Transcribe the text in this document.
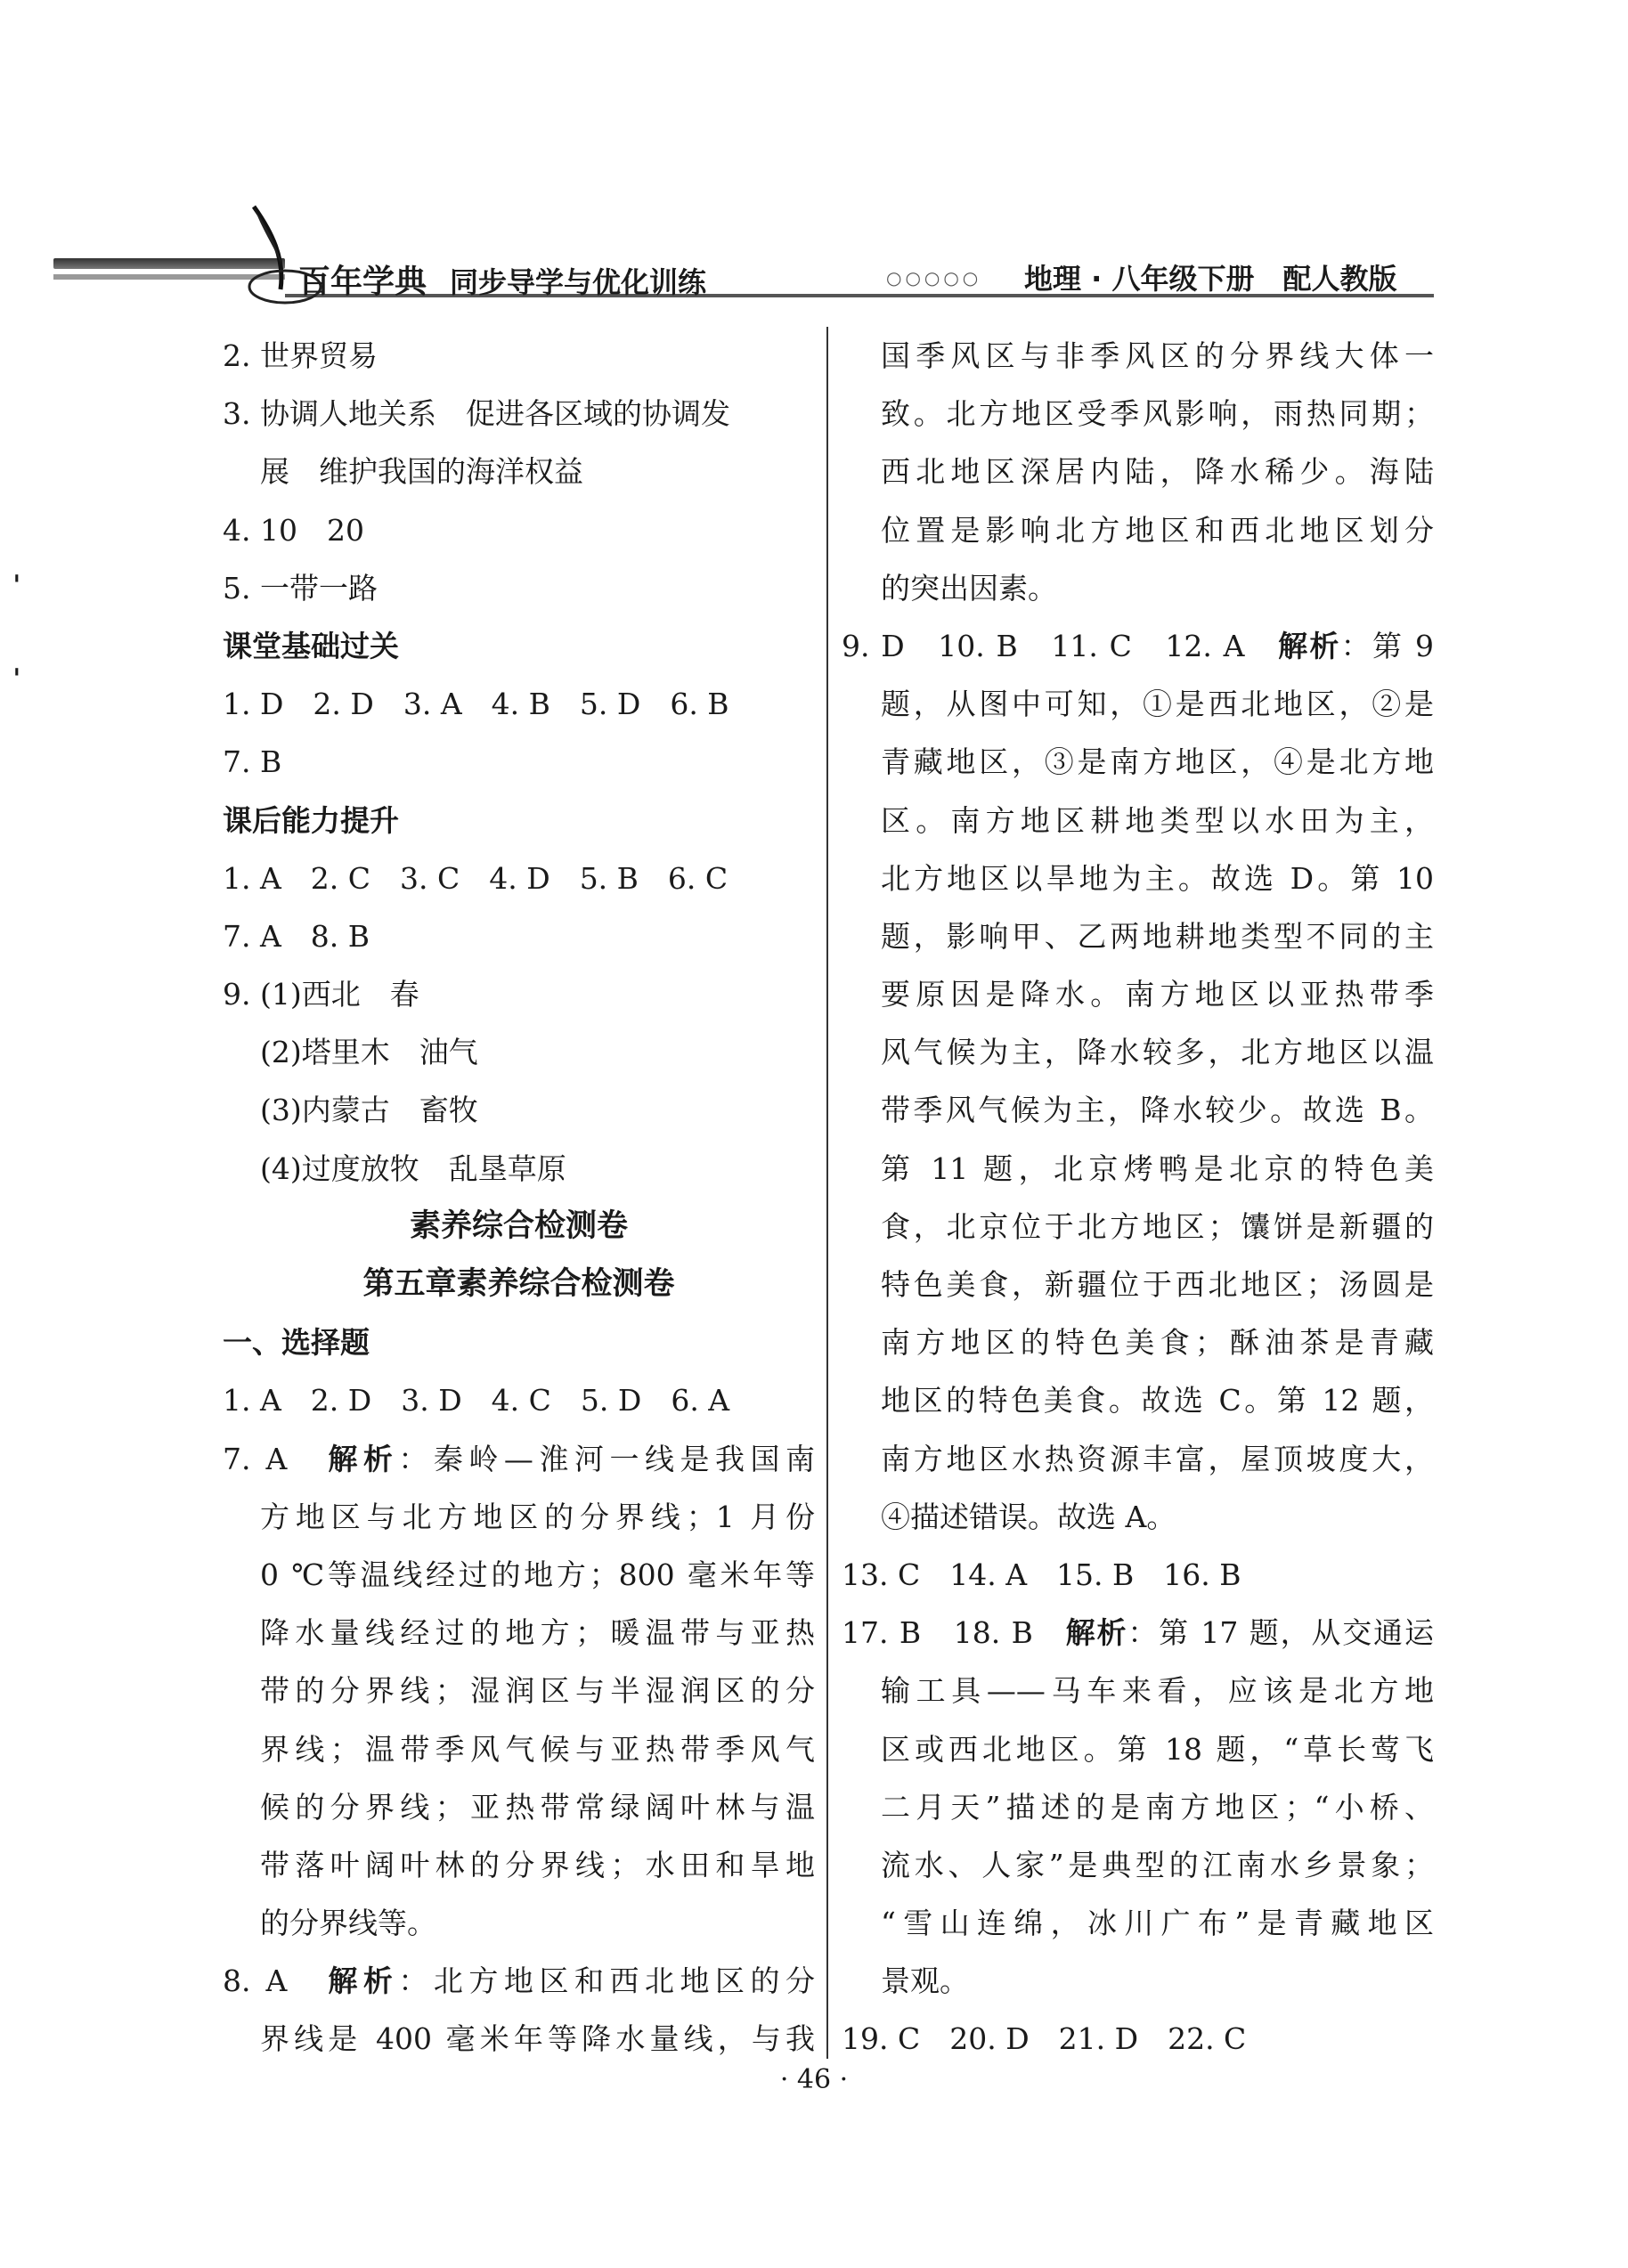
百年学典 同步导学与优化训练	○○○○○ 地理 · 八年级下册　配人教版
ˈ
ˈ
2. 世界贸易
3. 协调人地关系　促进各区域的协调发
展　维护我国的海洋权益
4. 10　20
5. 一带一路
课堂基础过关
1. D　2. D　3. A　4. B　5. D　6. B
7. B
课后能力提升
1. A　2. C　3. C　4. D　5. B　6. C
7. A　8. B
9. (1)西北　春
(2)塔里木　油气
(3)内蒙古　畜牧
(4)过度放牧　乱垦草原
素养综合检测卷
第五章素养综合检测卷
一、选择题
1. A　2. D　3. D　4. C　5. D　6. A
7. A　 解析：秦岭—淮河一线是我国南
方地区与北方地区的分界线；1 月份
0 ℃等温线经过的地方；800 毫米年等
降水量线经过的地方；暖温带与亚热
带的分界线；湿润区与半湿润区的分
界线；温带季风气候与亚热带季风气
候的分界线；亚热带常绿阔叶林与温
带落叶阔叶林的分界线；水田和旱地
的分界线等。
8. A　 解析：北方地区和西北地区的分
界线是 400 毫米年等降水量线，与我
国季风区与非季风区的分界线大体一
致。北方地区受季风影响，雨热同期；
西北地区深居内陆，降水稀少。海陆
位置是影响北方地区和西北地区划分
的突出因素。
9. D　10. B　11. C　12. A　解析：第 9
题，从图中可知，①是西北地区，②是
青藏地区，③是南方地区，④是北方地
区。南方地区耕地类型以水田为主，
北方地区以旱地为主。故选 D。第 10
题，影响甲、乙两地耕地类型不同的主
要原因是降水。南方地区以亚热带季
风气候为主，降水较多，北方地区以温
带季风气候为主，降水较少。故选 B。
第 11 题，北京烤鸭是北京的特色美
食，北京位于北方地区；馕饼是新疆的
特色美食，新疆位于西北地区；汤圆是
南方地区的特色美食；酥油茶是青藏
地区的特色美食。故选 C。第 12 题，
南方地区水热资源丰富，屋顶坡度大，
④描述错误。故选 A。
13. C　14. A　15. B　16. B
17. B　18. B　解析：第 17 题，从交通运
输工具——马车来看，应该是北方地
区或西北地区。第 18 题，“草长莺飞
二月天”描述的是南方地区；“小桥、
流水、人家”是典型的江南水乡景象；
“雪山连绵，冰川广布”是青藏地区
景观。
19. C　20. D　21. D　22. C
· 46 ·
